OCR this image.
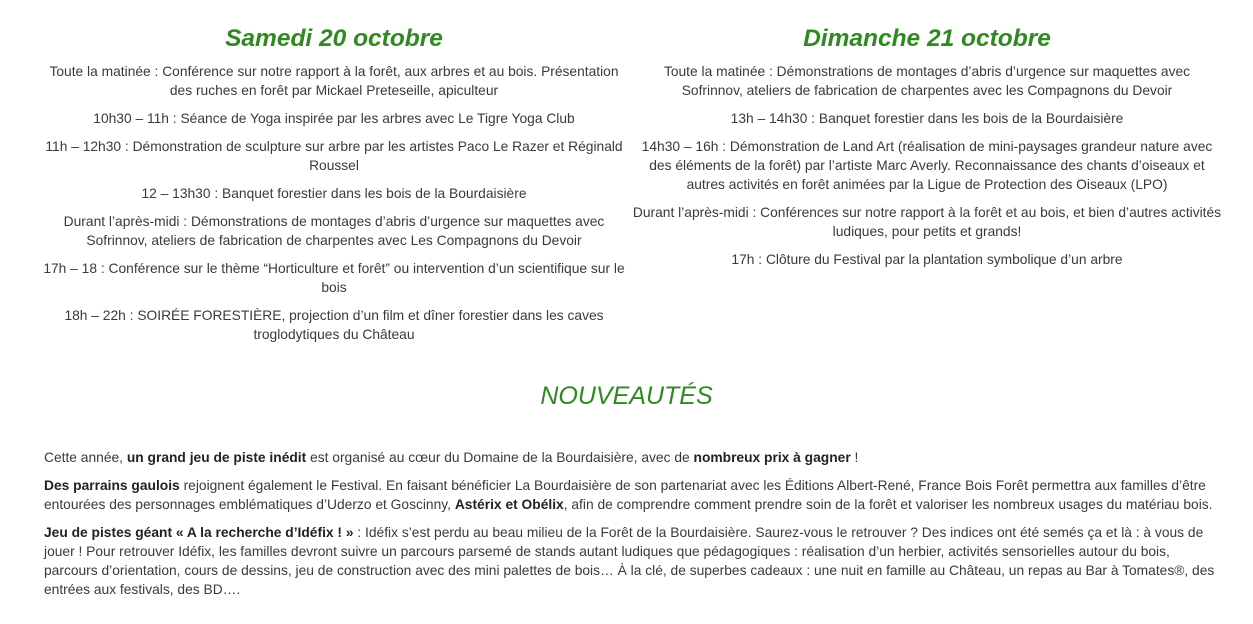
Samedi 20 octobre

Toute la matinée : Conférence sur notre rapport à la forêt, aux arbres et au bois. Présentation des ruches en forêt par Mickael Preteseille, apiculteur

10h30 – 11h : Séance de Yoga inspirée par les arbres avec Le Tigre Yoga Club

11h – 12h30 : Démonstration de sculpture sur arbre par les artistes Paco Le Razer et Réginald Roussel

12 – 13h30 : Banquet forestier dans les bois de la Bourdaisière

Durant l’après-midi : Démonstrations de montages d’abris d’urgence sur maquettes avec Sofrinnov, ateliers de fabrication de charpentes avec Les Compagnons du Devoir

17h – 18 : Conférence sur le thème “Horticulture et forêt” ou intervention d’un scientifique sur le bois

18h – 22h : SOIRÉE FORESTIÈRE, projection d’un film et dîner forestier dans les caves troglodytiques du Château

Dimanche 21 octobre

Toute la matinée : Démonstrations de montages d’abris d’urgence sur maquettes avec Sofrinnov, ateliers de fabrication de charpentes avec les Compagnons du Devoir

13h – 14h30 : Banquet forestier dans les bois de la Bourdaisière

14h30 – 16h : Démonstration de Land Art (réalisation de mini-paysages grandeur nature avec des éléments de la forêt) par l’artiste Marc Averly. Reconnaissance des chants d’oiseaux et autres activités en forêt animées par la Ligue de Protection des Oiseaux (LPO)

Durant l’après-midi : Conférences sur notre rapport à la forêt et au bois, et bien d’autres activités ludiques, pour petits et grands!

17h : Clôture du Festival par la plantation symbolique d’un arbre

NOUVEAUTÉS

Cette année, un grand jeu de piste inédit est organisé au cœur du Domaine de la Bourdaisière, avec de nombreux prix à gagner !

Des parrains gaulois rejoignent également le Festival. En faisant bénéficier La Bourdaisière de son partenariat avec les Éditions Albert-René, France Bois Forêt permettra aux familles d’être entourées des personnages emblématiques d’Uderzo et Goscinny, Astérix et Obélix, afin de comprendre comment prendre soin de la forêt et valoriser les nombreux usages du matériau bois.

Jeu de pistes géant « A la recherche d’Idéfix ! » : Idéfix s’est perdu au beau milieu de la Forêt de la Bourdaisière. Saurez-vous le retrouver ? Des indices ont été semés ça et là : à vous de jouer ! Pour retrouver Idéfix, les familles devront suivre un parcours parsemé de stands autant ludiques que pédagogiques : réalisation d’un herbier, activités sensorielles autour du bois, parcours d’orientation, cours de dessins, jeu de construction avec des mini palettes de bois… À la clé, de superbes cadeaux : une nuit en famille au Château, un repas au Bar à Tomates®, des entrées aux festivals, des BD….
